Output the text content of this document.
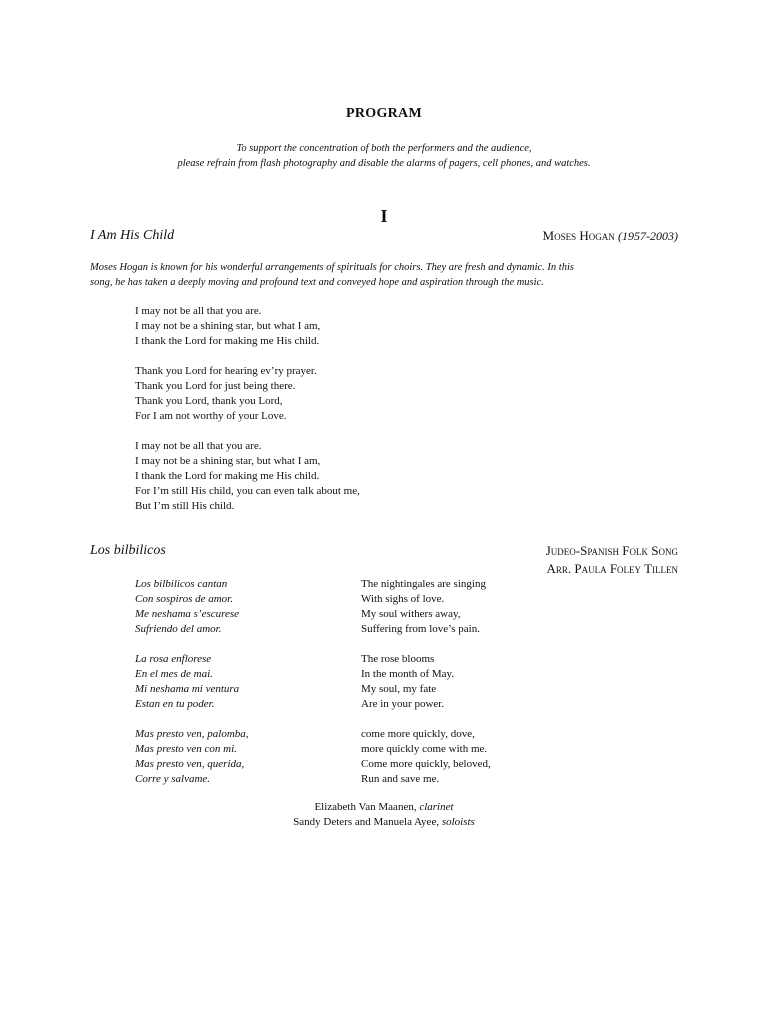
PROGRAM
To support the concentration of both the performers and the audience,
please refrain from flash photography and disable the alarms of pagers, cell phones, and watches.
I
I Am His Child	Moses Hogan (1957-2003)
Moses Hogan is known for his wonderful arrangements of spirituals for choirs. They are fresh and dynamic. In this
song, he has taken a deeply moving and profound text and conveyed hope and aspiration through the music.
I may not be all that you are.
I may not be a shining star, but what I am,
I thank the Lord for making me His child.
Thank you Lord for hearing ev’ry prayer.
Thank you Lord for just being there.
Thank you Lord, thank you Lord,
For I am not worthy of your Love.
I may not be all that you are.
I may not be a shining star, but what I am,
I thank the Lord for making me His child.
For I’m still His child, you can even talk about me,
But I’m still His child.
Los bilbilicos	Judeo-Spanish Folk Song
Arr. Paula Foley Tillen
Los bilbilicos cantan
Con sospiros de amor.
Me neshama s’escurese
Sufriendo del amor.
La rosa enflorese
En el mes de mai.
Mi neshama mi ventura
Estan en tu poder.
Mas presto ven, palomba,
Mas presto ven con mi.
Mas presto ven, querida,
Corre y salvame.
The nightingales are singing
With sighs of love.
My soul withers away,
Suffering from love’s pain.
The rose blooms
In the month of May.
My soul, my fate
Are in your power.
come more quickly, dove,
more quickly come with me.
Come more quickly, beloved,
Run and save me.
Elizabeth Van Maanen, clarinet
Sandy Deters and Manuela Ayee, soloists
